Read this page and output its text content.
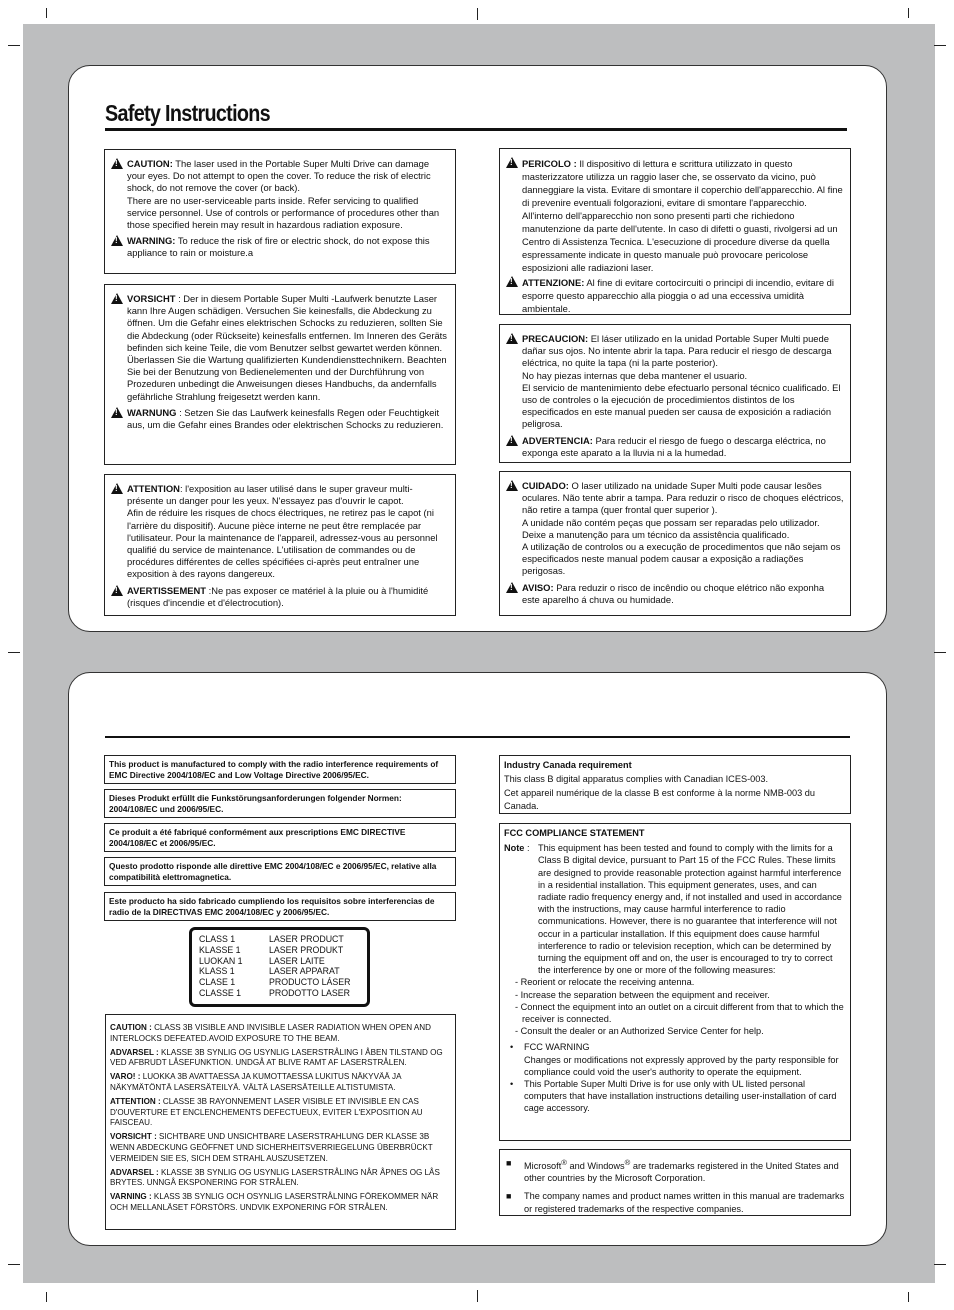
Safety Instructions

!
CAUTION: The laser used in the Portable Super Multi Drive can damage your eyes. Do not attempt to open the cover. To reduce the risk of electric shock, do not remove the cover (or back).

There are no user-serviceable parts inside. Refer servicing to qualified service personnel. Use of controls or performance of procedures other than those specified herein may result in hazardous radiation exposure.

!
WARNING: To reduce the risk of fire or electric shock, do not expose this appliance to rain or moisture.a

!
VORSICHT : Der in diesem Portable Super Multi -Laufwerk benutzte Laser kann Ihre Augen schädigen. Versuchen Sie keinesfalls, die Abdeckung zu öffnen. Um die Gefahr eines elektrischen Schocks zu reduzieren, sollten Sie die Abdeckung (oder Rückseite) keinesfalls entfernen. Im Inneren des Geräts befinden sich keine Teile, die vom Benutzer selbst gewartet werden können. Überlassen Sie die Wartung qualifizierten Kundendiensttechnikern. Beachten Sie bei der Benutzung von Bedienelementen und der Durchführung von Prozeduren unbedingt die Anweisungen dieses Handbuchs, da andernfalls gefährliche Strahlung freigesetzt werden kann.

!
WARNUNG : Setzen Sie das Laufwerk keinesfalls Regen oder Feuchtigkeit aus, um die Gefahr eines Brandes oder elektrischen Schocks zu reduzieren.

!
ATTENTION: l'exposition au laser utilisé dans le super graveur multi-présente un danger pour les yeux. N'essayez pas d'ouvrir le capot.

Afin de réduire les risques de chocs électriques, ne retirez pas le capot (ni l'arrière du dispositif). Aucune pièce interne ne peut être remplacée par l'utilisateur. Pour la maintenance de l'appareil, adressez-vous au personnel qualifié du service de maintenance. L'utilisation de commandes ou de procédures différentes de celles spécifiées ci-après peut entraîner une exposition à des rayons dangereux.

!
AVERTISSEMENT :Ne pas exposer ce matériel à la pluie ou à l'humidité (risques d'incendie et d'électrocution).

!
PERICOLO : Il dispositivo di lettura e scrittura utilizzato in questo masterizzatore utilizza un raggio laser che, se osservato da vicino, può danneggiare la vista. Evitare di smontare il coperchio dell'apparecchio. Al fine di prevenire eventuali folgorazioni, evitare di smontare l'apparecchio. All'interno dell'apparecchio non sono presenti parti che richiedono manutenzione da parte dell'utente. In caso di difetti o guasti, rivolgersi ad un Centro di Assistenza Tecnica. L'esecuzione di procedure diverse da quella espressamente indicate in questo manuale può provocare pericolose esposizioni alle radiazioni laser.

!
ATTENZIONE: Al fine di evitare cortocircuiti o principi di incendio, evitare di esporre questo apparecchio alla pioggia o ad una eccessiva umidità ambientale.

!
PRECAUCION: El láser utilizado en la unidad Portable Super Multi puede dañar sus ojos. No intente abrir la tapa. Para reducir el riesgo de descarga eléctrica, no quite la tapa (ni la parte posterior).

No hay piezas internas que deba mantener el usuario.

El servicio de mantenimiento debe efectuarlo personal técnico cualificado. El uso de controles o la ejecución de procedimientos distintos de los especificados en este manual pueden ser causa de exposición a radiación peligrosa.

!
ADVERTENCIA: Para reducir el riesgo de fuego o descarga eléctrica, no exponga este aparato a la lluvia ni a la humedad.

!
CUIDADO: O laser utilizado na unidade Super Multi pode causar lesões oculares. Não tente abrir a tampa. Para reduzir o risco de choques eléctricos, não retire a tampa (quer frontal quer superior ).

A unidade não contém peças que possam ser reparadas pelo utilizador. Deixe a manutenção para um técnico da assistência qualificado.

A utilização de controlos ou a execução de procedimentos que não sejam os especificados neste manual podem causar a exposição a radiações perigosas.

!
AVISO: Para reduzir o risco de incêndio ou choque elétrico não exponha este aparelho á chuva ou humidade.

This product is manufactured to comply with the radio interference requirements of EMC Directive 2004/108/EC and Low Voltage Directive 2006/95/EC.
Dieses Produkt erfüllt die Funkstörungsanforderungen folgender Normen: 2004/108/EC und 2006/95/EC.
Ce produit a été fabriqué conformément aux prescriptions EMC DIRECTIVE 2004/108/EC et 2006/95/EC.
Questo prodotto risponde alle direttive EMC 2004/108/EC e 2006/95/EC, relative alla compatibilità elettromagnetica.
Este producto ha sido fabricado cumpliendo los requisitos sobre interferencias de radio de la DIRECTIVAS EMC 2004/108/EC y 2006/95/EC.
CLASS 1	LASER PRODUCT
KLASSE 1	LASER PRODUKT
LUOKAN 1	LASER LAITE
KLASS 1	LASER APPARAT
CLASE 1	PRODUCTO LÁSER
CLASSE 1	PRODOTTO LASER

CAUTION : CLASS 3B VISIBLE AND INVISIBLE LASER RADIATION WHEN OPEN AND INTERLOCKS DEFEATED.AVOID EXPOSURE TO THE BEAM.

ADVARSEL : KLASSE 3B SYNLIG OG USYNLIG LASERSTRÅLING I ÅBEN TILSTAND OG VED AFBRUDT LÅSEFUNKTION. UNDGÅ AT BLIVE RAMT AF LASERSTRÅLEN.

VARO! : LUOKKA 3B AVATTAESSA JA KUMOTTAESSA LUKITUS NÄKYVÄÄ JA NÄKYMÄTÖNTÄ LASERSÄTEILYÄ. VÄLTÄ LASERSÄTEILLE ALTISTUMISTA.

ATTENTION : CLASSE 3B RAYONNEMENT LASER VISIBLE ET INVISIBLE EN CAS D'OUVERTURE ET ENCLENCHEMENTS DEFECTUEUX, EVITER L'EXPOSITION AU FAISCEAU.

VORSICHT : SICHTBARE UND UNSICHTBARE LASERSTRAHLUNG DER KLASSE 3B WENN ABDECKUNG GEÖFFNET UND SICHERHEITSVERRIEGELUNG ÜBERBRÜCKT VERMEIDEN SIE ES, SICH DEM STRAHL AUSZUSETZEN.

ADVARSEL : KLASSE 3B SYNLIG OG USYNLIG LASERSTRÅLING NÅR ÅPNES OG LÅS BRYTES. UNNGÅ EKSPONERING FOR STRÅLEN.

VARNING : KLASS 3B SYNLIG OCH OSYNLIG LASERSTRÅLNING FÖREKOMMER NÄR OCH MELLANLÄSET FÖRSTÖRS. UNDVIK EXPONERING FÖR STRÅLEN.

Industry Canada requirement

This class B digital apparatus complies with Canadian ICES-003.

Cet appareil numérique de la classe B est conforme à la norme NMB-003 du Canada.

FCC COMPLIANCE STATEMENT

Note : This equipment has been tested and found to comply with the limits for a Class B digital device, pursuant to Part 15 of the FCC Rules. These limits are designed to provide reasonable protection against harmful interference in a residential installation. This equipment generates, uses, and can radiate radio frequency energy and, if not installed and used in accordance with the instructions, may cause harmful interference to radio communications. However, there is no guarantee that interference will not occur in a particular installation. If this equipment does cause harmful interference to radio or television reception, which can be determined by turning the equipment off and on, the user is encouraged to try to correct the interference by one or more of the following measures:

- Reorient or relocate the receiving antenna.

- Increase the separation between the equipment and receiver.

- Connect the equipment into an outlet on a circuit different from that to which the receiver is connected.

- Consult the dealer or an Authorized Service Center for help.

•	FCC WARNING
Changes or modifications not expressly approved by the party responsible for compliance could void the user's authority to operate the equipment.
•	This Portable Super Multi Drive is for use only with UL listed personal computers that have installation instructions detailing user-installation of card cage accessory.
■	Microsoft® and Windows® are trademarks registered in the United States and other countries by the Microsoft Corporation.
■	The company names and product names written in this manual are trademarks or registered trademarks of the respective companies.
